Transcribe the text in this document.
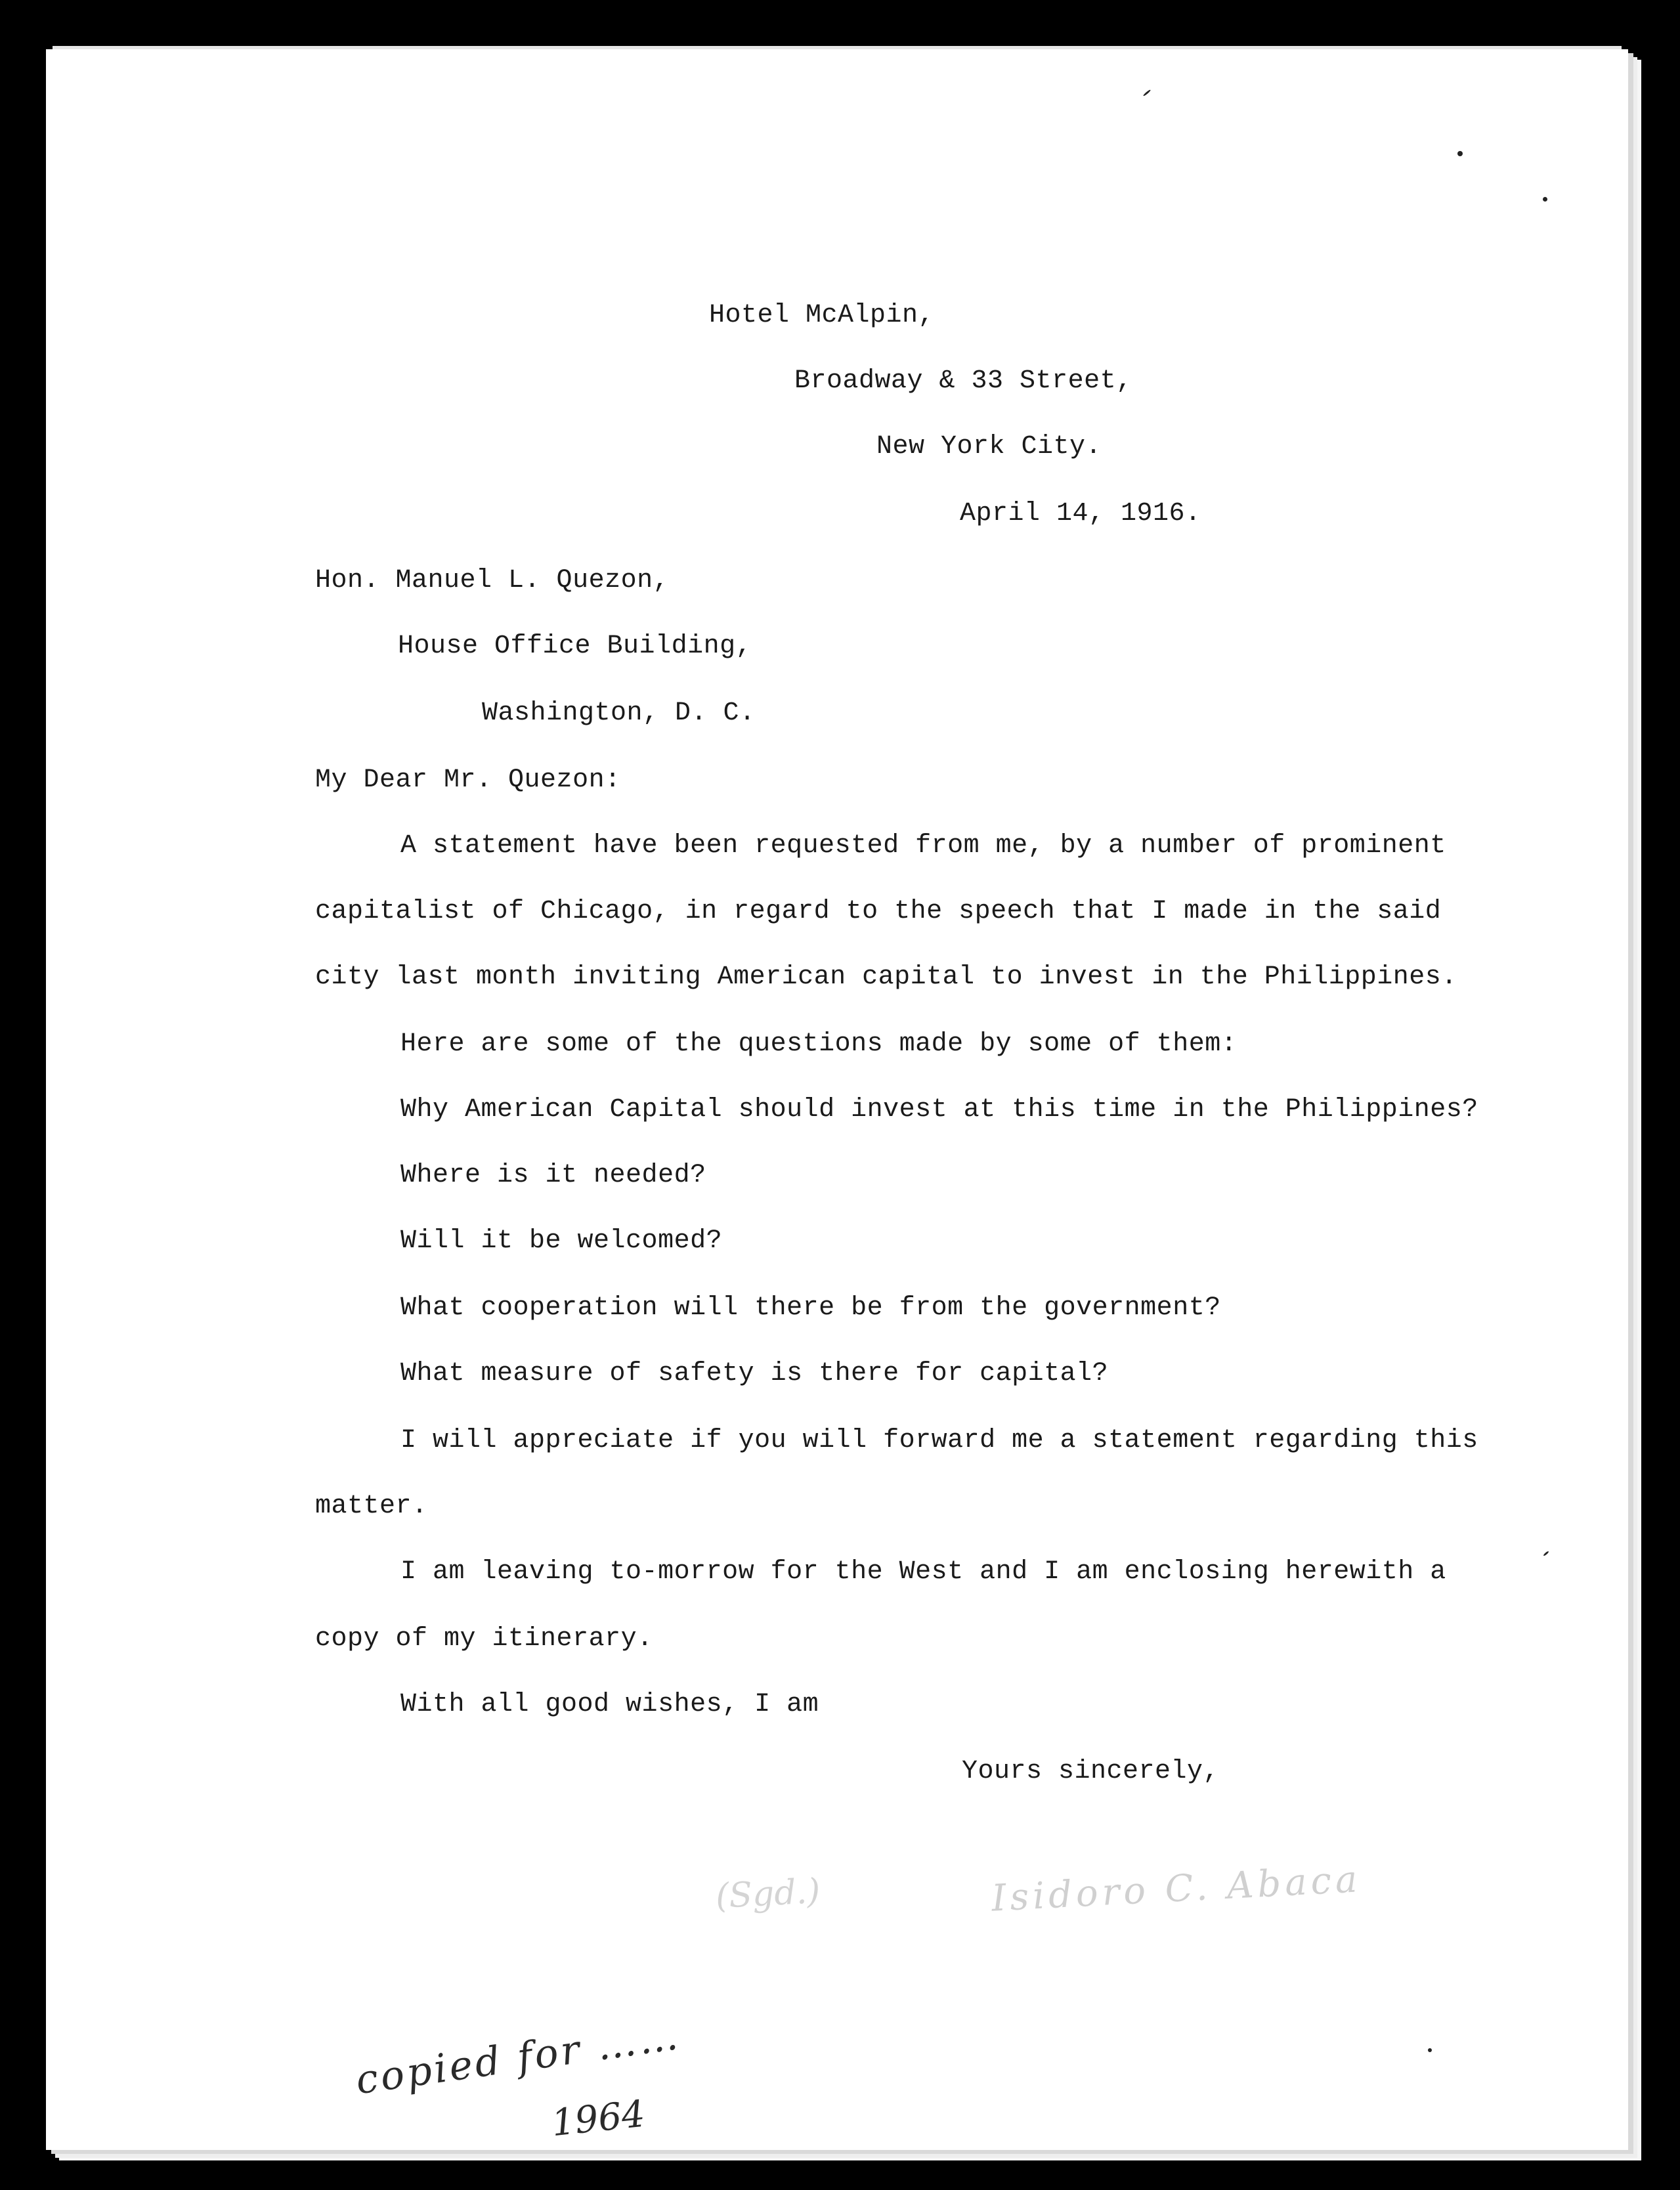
Hotel McAlpin,

Broadway & 33 Street,

New York City.

April 14, 1916.

Hon. Manuel L. Quezon,

House Office Building,

Washington, D. C.

My Dear Mr. Quezon:

A statement have been requested from me, by a number of prominent

capitalist of Chicago, in regard to the speech that I made in the said

city last month inviting American capital to invest in the Philippines.

Here are some of the questions made by some of them:

Why American Capital should invest at this time in the Philippines?

Where is it needed?

Will it be welcomed?

What cooperation will there be from the government?

What measure of safety is there for capital?

I will appreciate if you will forward me a statement regarding this

matter.

I am leaving to-morrow for the West and I am enclosing herewith a

copy of my itinerary.

With all good wishes, I am

Yours sincerely,

(Sgd.)	Isidoro C. Abaca
copied for ……
1964
